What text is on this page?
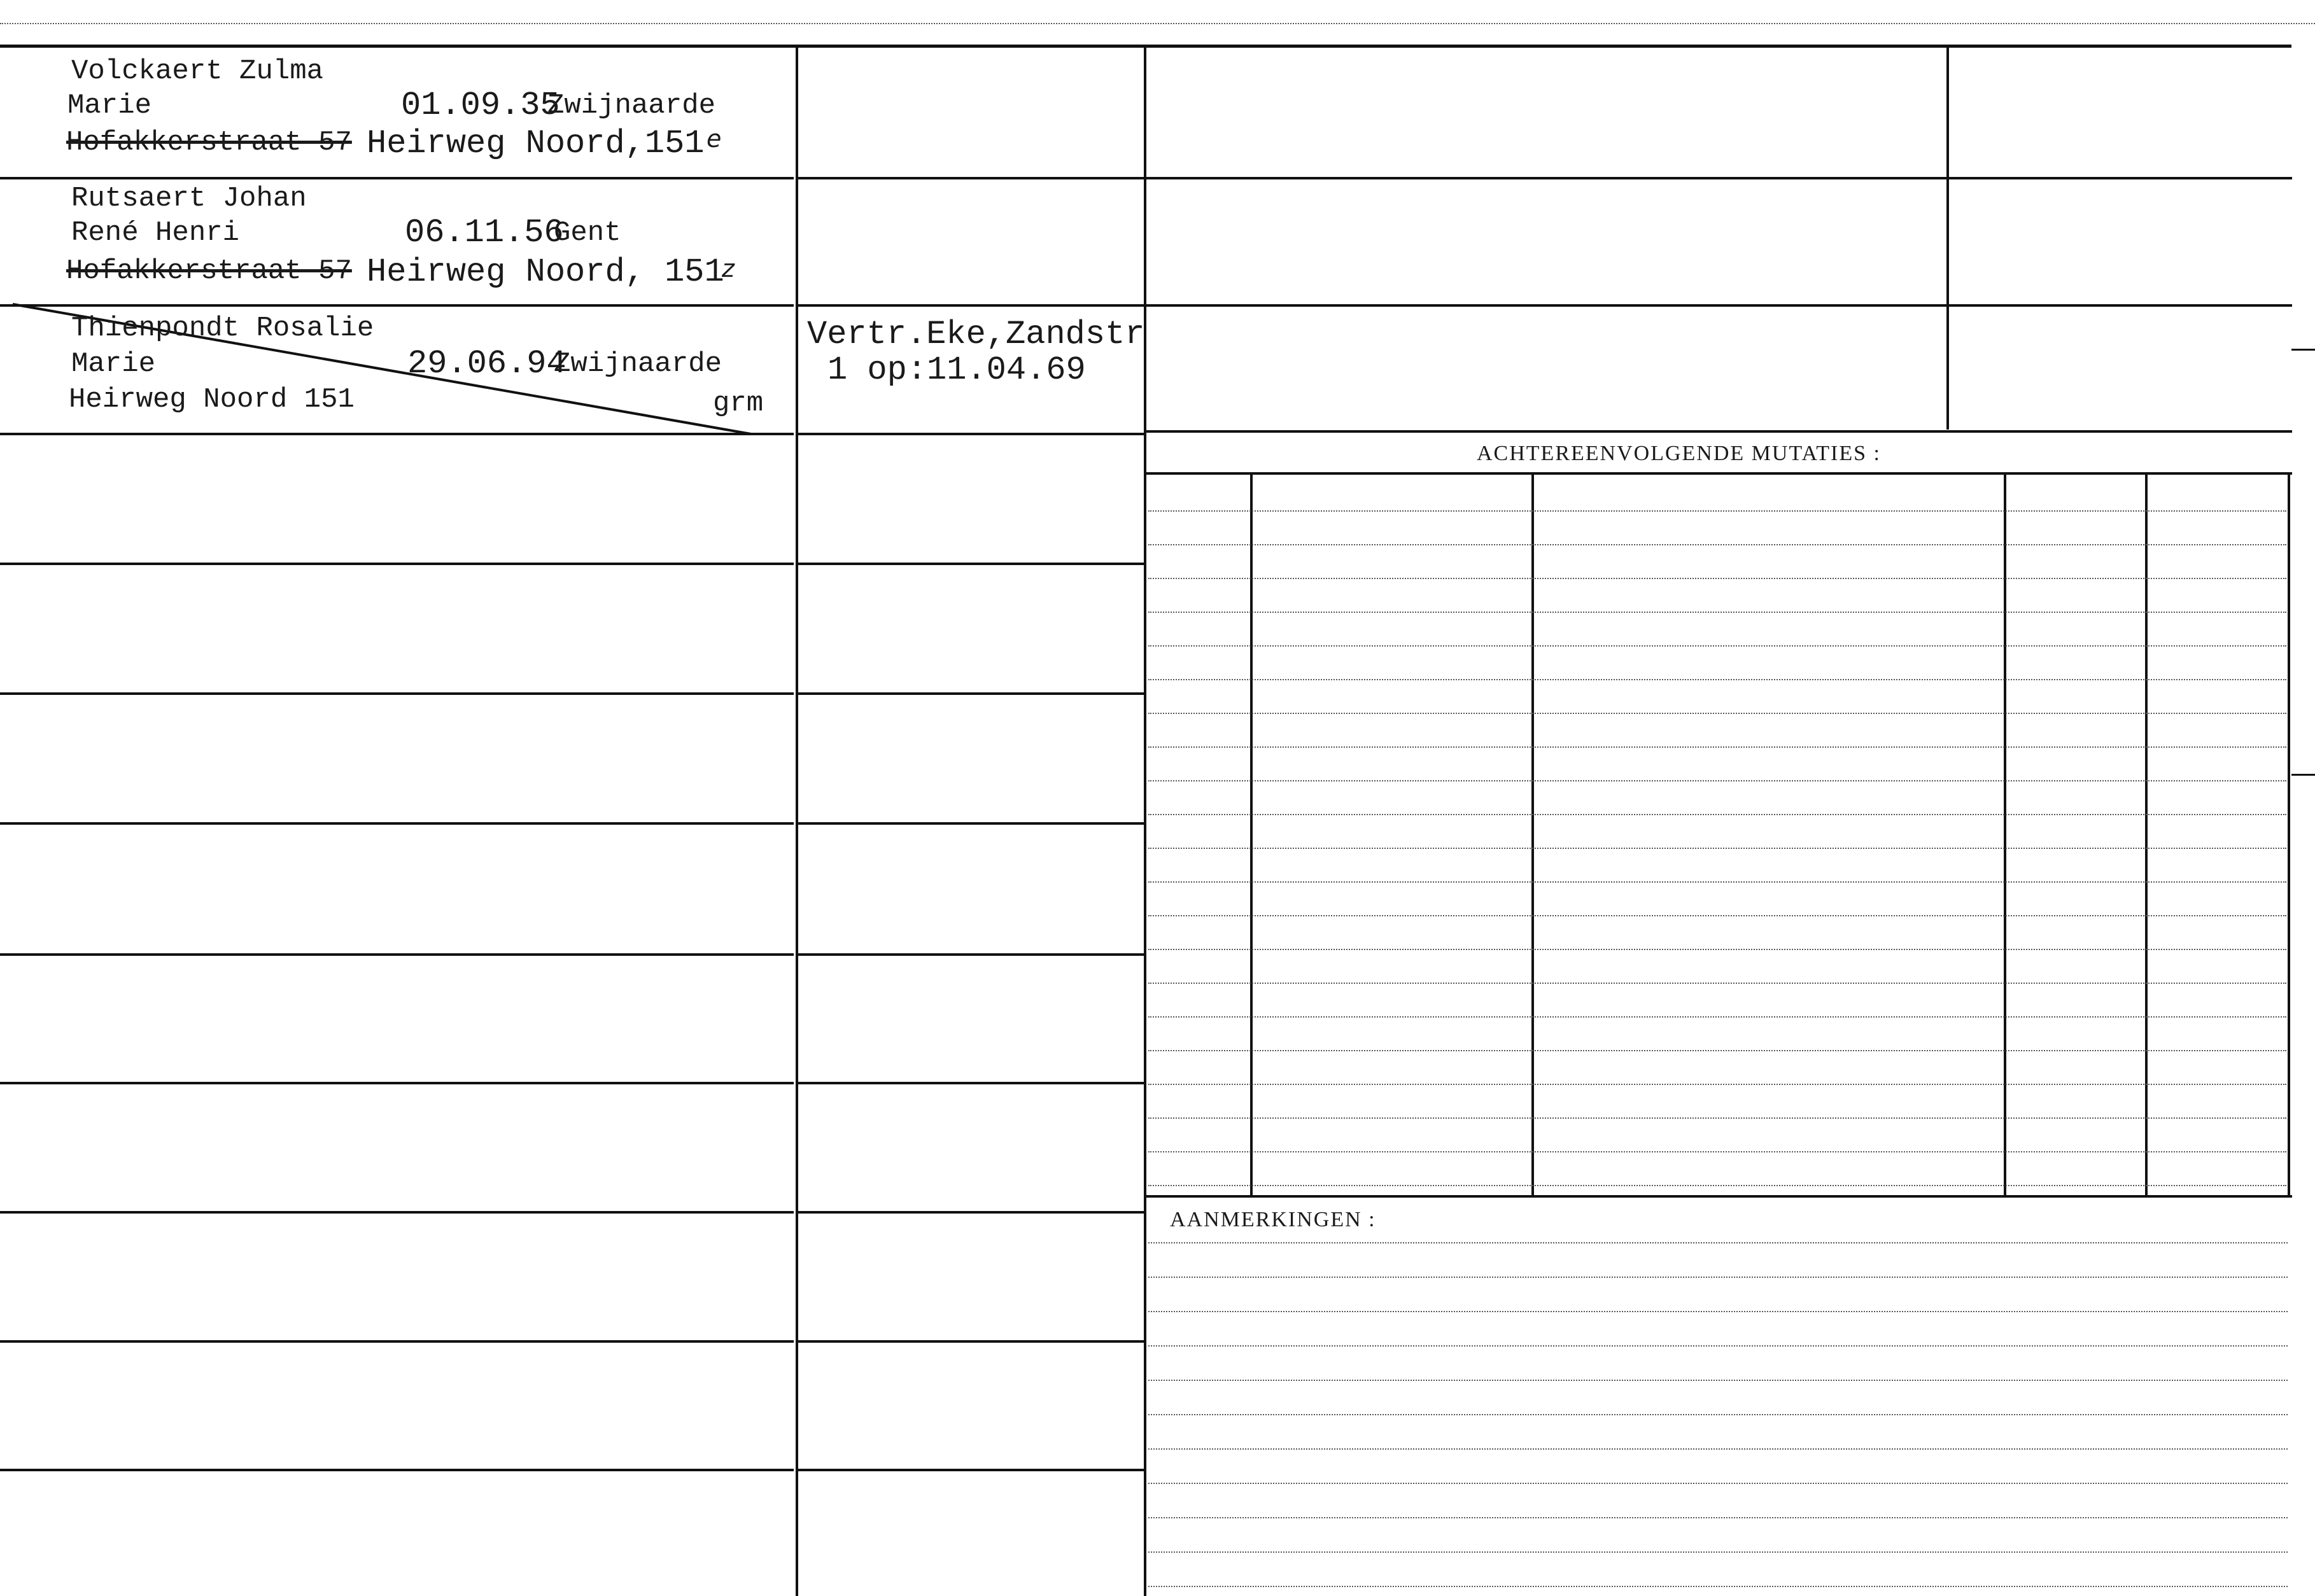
Volckaert Zulma
Marie	01.09.35
Zwijnaarde
Hofakkerstraat 57 Heirweg Noord,151 e
Rutsaert Johan
René Henri	06.11.56
Gent
Hofakkerstraat 57 Heirweg Noord, 151
z
Thienpondt Rosalie
Marie	29.06.94
Zwijnaarde
Heirweg Noord 151	grm
Vertr.Eke,Zandstr
1 op:11.04.69
ACHTEREENVOLGENDE MUTATIES :
AANMERKINGEN :
